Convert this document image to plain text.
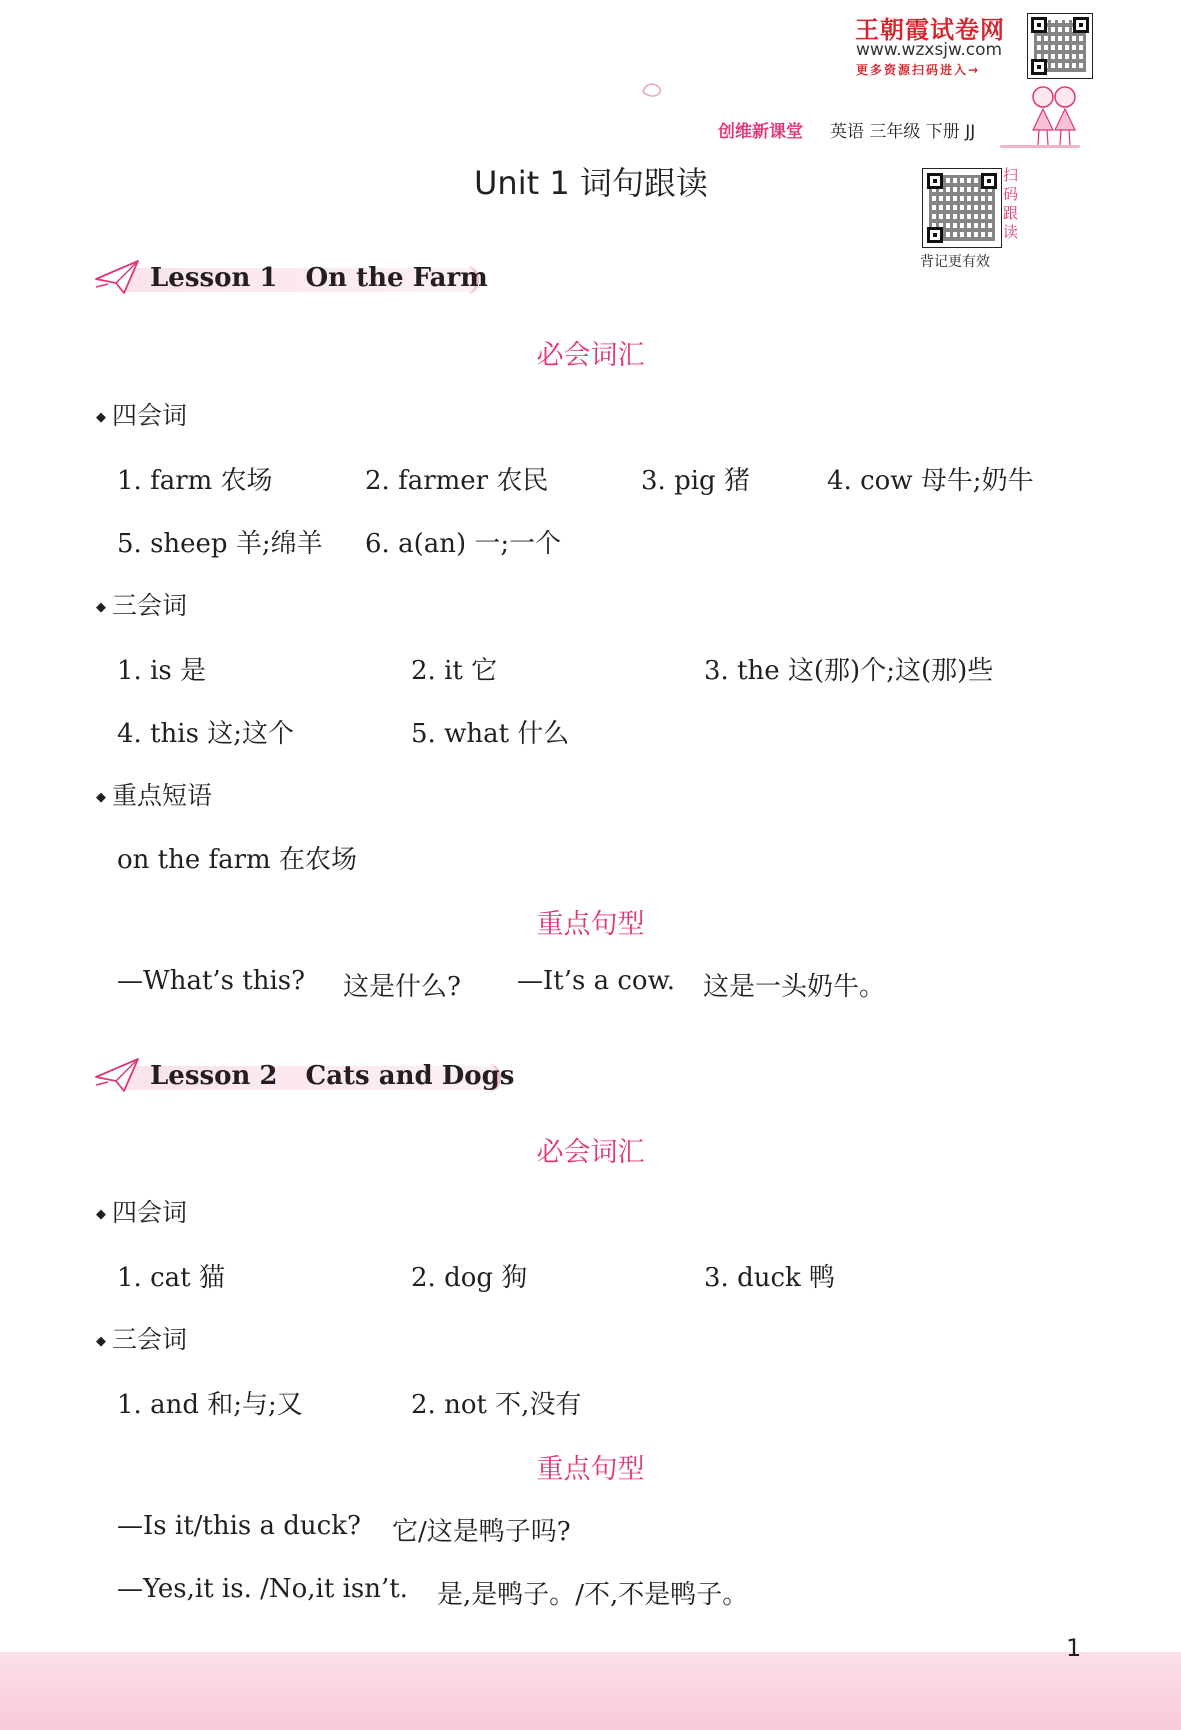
王朝霞试卷网
www.wzxsjw.com
更多资源扫码进入→
创维新课堂 英语 三年级 下册 JJ
Unit 1 词句跟读	扫
码
跟
读
背记更有效
Lesson 1 On the Farm
必会词汇
◆ 四会词
1. farm 农场	2. farmer 农民	3. pig 猪	4. cow 母牛;奶牛
5. sheep 羊;绵羊 6. a(an) 一;一个
◆ 三会词
1. is 是	2. it 它	3. the 这(那)个;这(那)些
4. this 这;这个	5. what 什么
◆ 重点短语
on the farm 在农场
重点句型
—What’s this? 这是什么? —It’s a cow. 这是一头奶牛。
Lesson 2 Cats and Dogs
必会词汇
◆ 四会词
1. cat 猫	2. dog 狗	3. duck 鸭
◆ 三会词
1. and 和;与;又	2. not 不,没有
重点句型
—Is it/this a duck? 它/这是鸭子吗?
—Yes,it is. /No,it isn’t. 是,是鸭子。/不,不是鸭子。
1
